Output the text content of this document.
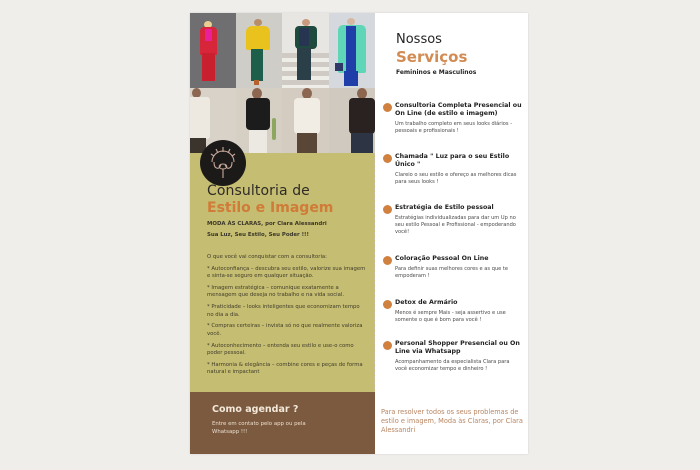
Consultoria de
Estilo e Imagem
MODA ÀS CLARAS, por Clara Alessandri
Sua Luz, Seu Estilo, Seu Poder !!!

O que você vai conquistar com a consultoria:

* Autoconfiança – descubra seu estilo, valorize sua imagem e sinta-se seguro em qualquer situação.

* Imagem estratégica – comunique exatamente a mensagem que deseja no trabalho e na vida social.

* Praticidade – looks inteligentes que economizam tempo no dia a dia.

* Compras certeiras – invista só no que realmente valoriza você.

* Autoconhecimento – entenda seu estilo e use-o como poder pessoal.

* Harmonia & elegância – combine cores e peças de forma natural e impactant

Como agendar ?
Entre em contato pelo app ou pela Whatsapp !!!
Nossos
Serviços
Femininos e Masculinos
Consultoria Completa Presencial ou On Line (de estilo e imagem)
Um trabalho completo em seus looks diários - pessoais e profissionais !
Chamada " Luz para o seu Estilo Único "
Clareio o seu estilo e ofereço as melhores dicas para seus looks !
Estratégia de Estilo pessoal
Estratégias individualizadas para dar um Up no seu estilo Pessoal e Profissional - empoderando você!
Coloração Pessoal On Line
Para definir suas melhores cores e as que te empoderam !
Detox de Armário
Menos é sempre Mais - seja assertivo e use somente o que é bom para você !
Personal Shopper Presencial ou On Line via Whatsapp
Acompanhamento da especialista Clara para você economizar tempo e dinheiro !
Para resolver todos os seus problemas de estilo e imagem, Moda às Claras, por Clara Alessandri
